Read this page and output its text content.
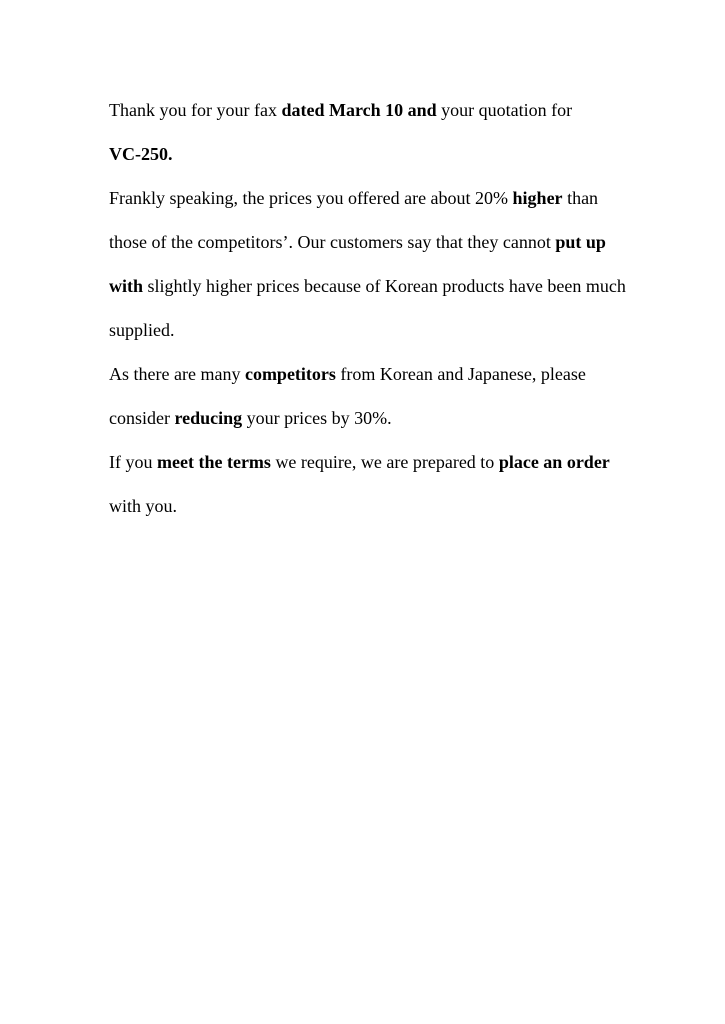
Thank you for your fax dated March 10 and your quotation for
VC-250.

Frankly speaking, the prices you offered are about 20% higher than those of the competitors’. Our customers say that they cannot put up with slightly higher prices because of Korean products have been much supplied.

As there are many competitors from Korean and Japanese, please consider reducing your prices by 30%.

If you meet the terms we require, we are prepared to place an order with you.
